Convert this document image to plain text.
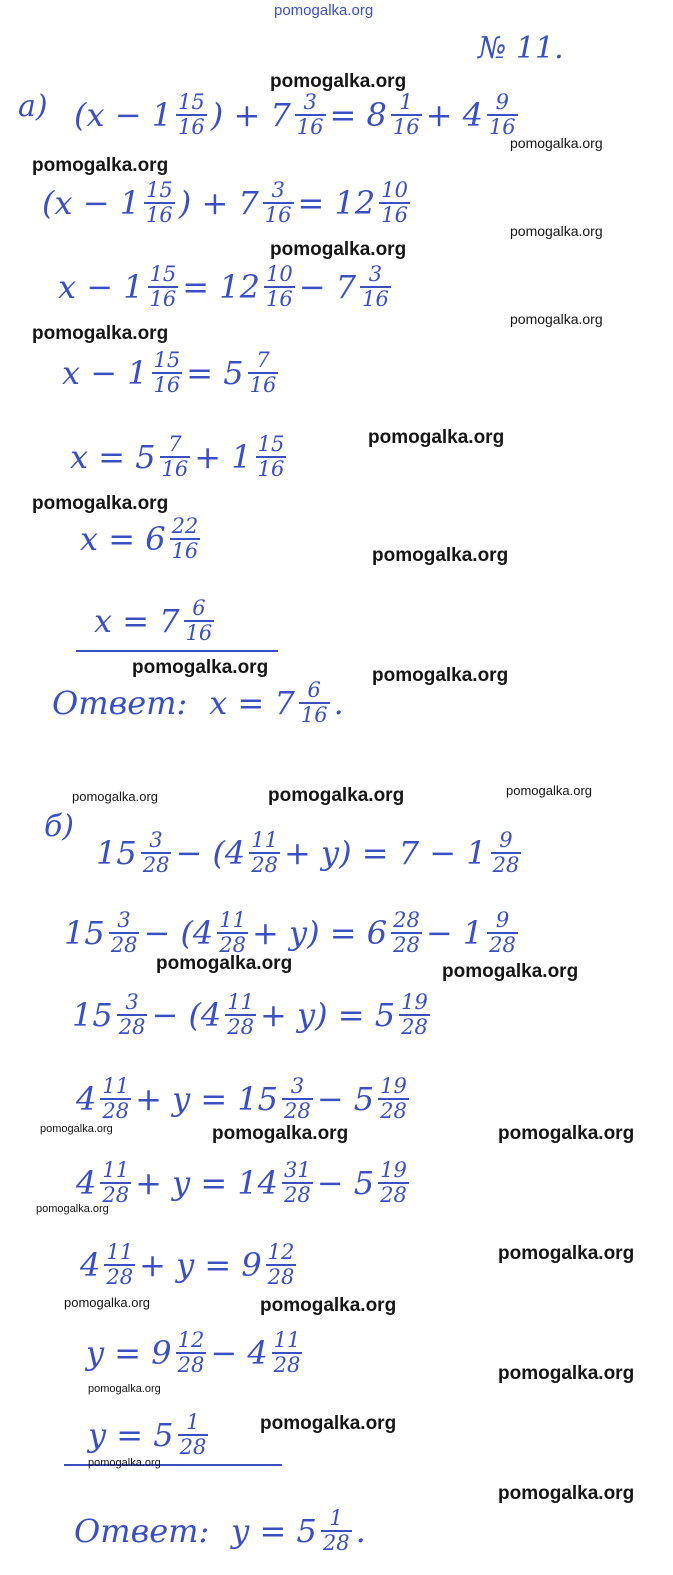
pomogalka.org
№ 11.
а) ($x - 1 \frac{15}{16}$ ) + $7 \frac{3}{16} = 8 \frac{1}{16} + 4 \frac{9}{16}$
($x - 1 \frac{15}{16}$ ) + $7 \frac{3}{16} = 12 \frac{10}{16}$
$x - 1 \frac{15}{16} = 12 \frac{10}{16} - 7 \frac{3}{16}$
$x - 1 \frac{15}{16} = 5 \frac{7}{16}$
$x = 5 \frac{7}{16} + 1 \frac{15}{16}$
$x = 6 \frac{22}{16}$
$x = 7 \frac{6}{16}$
Ответ: $x = 7 \frac{6}{16}$ .
б)
$15 \frac{3}{28} - (4 \frac{11}{28} + y) = 7 - 1 \frac{9}{28}$
$15 \frac{3}{28} - (4 \frac{11}{28} + y) = 6 \frac{28}{28} - 1 \frac{9}{28}$
$15 \frac{3}{28} - (4 \frac{11}{28} + y) = 5 \frac{19}{28}$
$4 \frac{11}{28} + y = 15 \frac{3}{28} - 5 \frac{19}{28}$
$4 \frac{11}{28} + y = 14 \frac{31}{28} - 5 \frac{19}{28}$
$4 \frac{11}{28} + y = 9 \frac{12}{28}$
$y = 9 \frac{12}{28} - 4 \frac{11}{28}$
$y = 5 \frac{1}{28}$
Ответ: $y = 5 \frac{1}{28}$ .
pomogalka.org
pomogalka.org
pomogalka.org
pomogalka.org
pomogalka.org
pomogalka.org
pomogalka.org
pomogalka.org
pomogalka.org
pomogalka.org
pomogalka.org	pomogalka.org
pomogalka.org	pomogalka.org	pomogalka.org
pomogalka.org	pomogalka.org
pomogalka.org	pomogalka.org	pomogalka.org
pomogalka.org
pomogalka.org
pomogalka.org	pomogalka.org
pomogalka.org
pomogalka.org
pomogalka.org
pomogalka.org
pomogalka.org
